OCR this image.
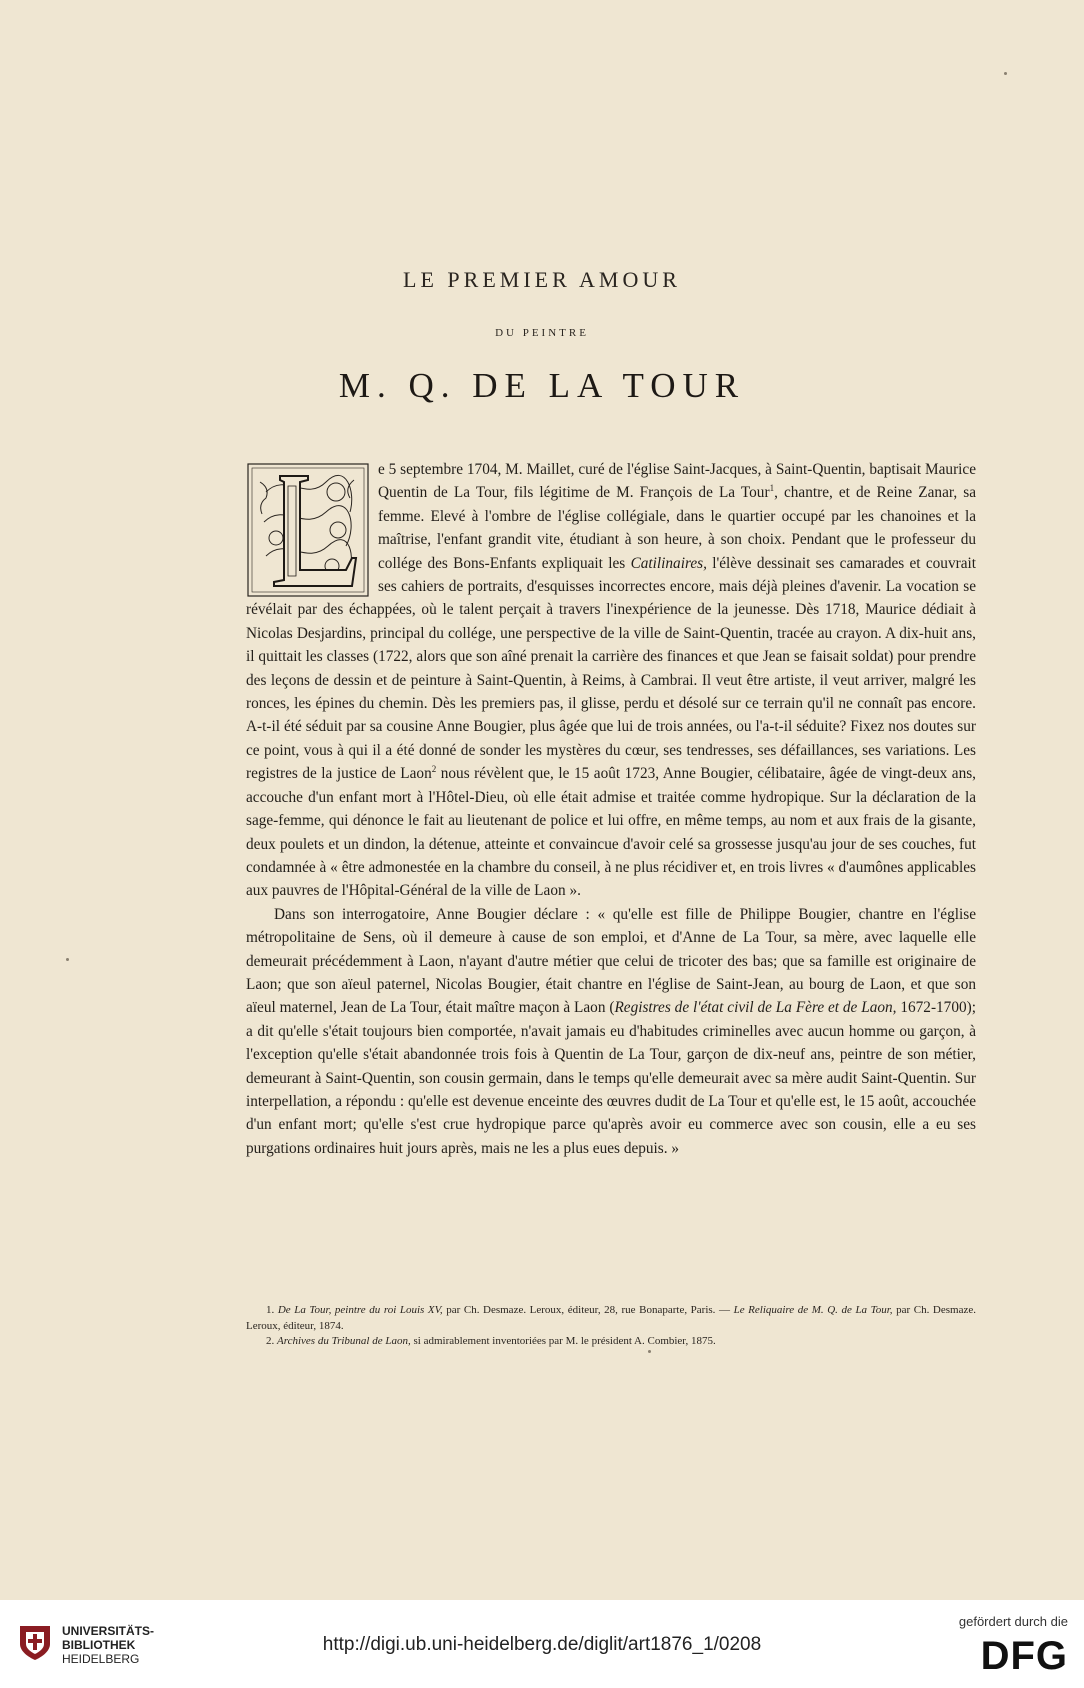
LE PREMIER AMOUR
DU PEINTRE
M. Q. DE LA TOUR

e 5 septembre 1704, M. Maillet, curé de l'église Saint-Jacques, à Saint-Quentin, baptisait Maurice Quentin de La Tour, fils légitime de M. François de La Tour$^1$, chantre, et de Reine Zanar, sa femme. Elevé à l'ombre de l'église collégiale, dans le quartier occupé par les chanoines et la maîtrise, l'enfant grandit vite, étudiant à son heure, à son choix. Pendant que le professeur du collége des Bons-Enfants expliquait les Catilinaires, l'élève dessinait ses camarades et couvrait ses cahiers de portraits, d'esquisses incorrectes encore, mais déjà pleines d'avenir. La vocation se révélait par des échappées, où le talent perçait à travers l'inexpérience de la jeunesse. Dès 1718, Maurice dédiait à Nicolas Desjardins, principal du collége, une perspective de la ville de Saint-Quentin, tracée au crayon. A dix-huit ans, il quittait les classes (1722, alors que son aîné prenait la carrière des finances et que Jean se faisait soldat) pour prendre des leçons de dessin et de peinture à Saint-Quentin, à Reims, à Cambrai. Il veut être artiste, il veut arriver, malgré les ronces, les épines du chemin. Dès les premiers pas, il glisse, perdu et désolé sur ce terrain qu'il ne connaît pas encore. A-t-il été séduit par sa cousine Anne Bougier, plus âgée que lui de trois années, ou l'a-t-il séduite? Fixez nos doutes sur ce point, vous à qui il a été donné de sonder les mystères du cœur, ses tendresses, ses défaillances, ses variations. Les registres de la justice de Laon$^2$ nous révèlent que, le 15 août 1723, Anne Bougier, célibataire, âgée de vingt-deux ans, accouche d'un enfant mort à l'Hôtel-Dieu, où elle était admise et traitée comme hydropique. Sur la déclaration de la sage-femme, qui dénonce le fait au lieutenant de police et lui offre, en même temps, au nom et aux frais de la gisante, deux poulets et un dindon, la détenue, atteinte et convaincue d'avoir celé sa grossesse jusqu'au jour de ses couches, fut condamnée à « être admonestée en la chambre du conseil, à ne plus récidiver et, en trois livres « d'aumônes applicables aux pauvres de l'Hôpital-Général de la ville de Laon ».

Dans son interrogatoire, Anne Bougier déclare : « qu'elle est fille de Philippe Bougier, chantre en l'église métropolitaine de Sens, où il demeure à cause de son emploi, et d'Anne de La Tour, sa mère, avec laquelle elle demeurait précédemment à Laon, n'ayant d'autre métier que celui de tricoter des bas; que sa famille est originaire de Laon; que son aïeul paternel, Nicolas Bougier, était chantre en l'église de Saint-Jean, au bourg de Laon, et que son aïeul maternel, Jean de La Tour, était maître maçon à Laon (Registres de l'état civil de La Fère et de Laon, 1672-1700); a dit qu'elle s'était toujours bien comportée, n'avait jamais eu d'habitudes criminelles avec aucun homme ou garçon, à l'exception qu'elle s'était abandonnée trois fois à Quentin de La Tour, garçon de dix-neuf ans, peintre de son métier, demeurant à Saint-Quentin, son cousin germain, dans le temps qu'elle demeurait avec sa mère audit Saint-Quentin. Sur interpellation, a répondu : qu'elle est devenue enceinte des œuvres dudit de La Tour et qu'elle est, le 15 août, accouchée d'un enfant mort; qu'elle s'est crue hydropique parce qu'après avoir eu commerce avec son cousin, elle a eu ses purgations ordinaires huit jours après, mais ne les a plus eues depuis. »

1. De La Tour, peintre du roi Louis XV, par Ch. Desmaze. Leroux, éditeur, 28, rue Bonaparte, Paris. — Le Reliquaire de M. Q. de La Tour, par Ch. Desmaze. Leroux, éditeur, 1874.

2. Archives du Tribunal de Laon, si admirablement inventoriées par M. le président A. Combier, 1875.

UNIVERSITÄTS-
BIBLIOTHEK
HEIDELBERG
http://digi.ub.uni-heidelberg.de/diglit/art1876_1/0208
gefördert durch die
DFG
